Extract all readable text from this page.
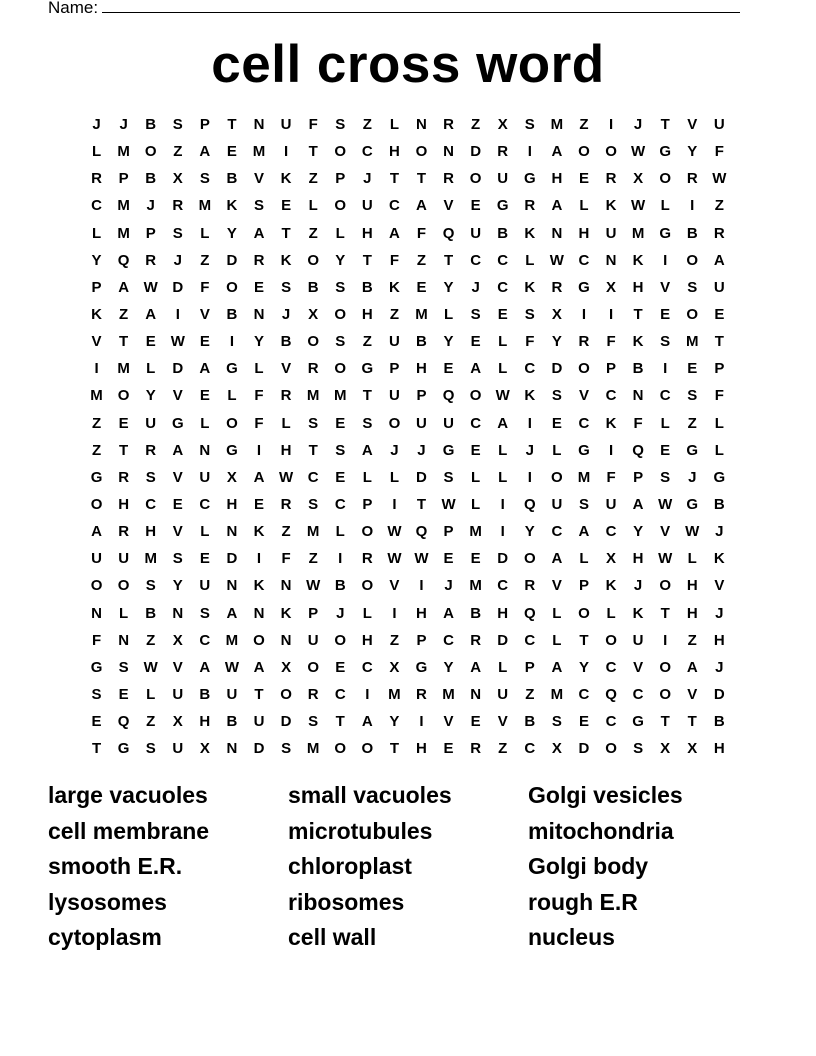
Name:
cell cross word
J	J	B	S	P	T	N	U	F	S	Z	L	N	R	Z	X	S	M	Z	I	J	T	V	U
L	M	O	Z	A	E	M	I	T	O	C	H	O	N	D	R	I	A	O	O W G	Y	F
R	P	B	X	S	B	V	K	Z	P	J	T	T	R	O	U	G	H	E	R	X	O	R W
C	M	J	R	M	K	S	E	L	O	U	C	A	V	E	G	R	A	L	K W	L	I	Z
L	M	P	S	L	Y	A	T	Z	L	H	A	F	Q	U	B	K	N	H	U	M	G	B	R
Y	Q	R	J	Z	D	R	K	O	Y	T	F	Z	T	C	C	L	W C	N	K	I	O	A
P	A W D	F	O	E	S	B	S	B	K	E	Y	J	C	K	R	G	X	H	V	S	U
K	Z	A	I	V	B	N	J	X	O	H	Z	M	L	S	E	S	X	I	I	T	E	O	E
V	T	E W E	I	Y	B	O	S	Z	U	B	Y	E	L	F	Y	R	F	K	S	M	T
I	M	L	D	A	G	L	V	R	O	G	P	H	E	A	L	C	D	O	P	B	I	E	P
M	O	Y	V	E	L	F	R	M M	T	U	P	Q	O W K	S	V	C	N	C	S	F
Z	E	U	G	L	O	F	L	S	E	S	O	U	U	C	A	I	E	C	K	F	L	Z	L
Z	T	R	A	N	G	I	H	T	S	A	J	J	G	E	L	J	L	G	I	Q	E	G	L
G	R	S	V	U	X	A W C	E	L	L	D	S	L	L	I	O M	F	P	S	J	G
O	H	C	E	C	H	E	R	S	C	P	I	T	W	L	I	Q	U	S	U	A W G	B
A	R	H	V	L	N	K	Z	M	L	O W Q	P	M	I	Y	C	A	C	Y	V W	J
U	U	M	S	E	D	I	F	Z	I	R W W E	E	D	O	A	L	X	H W	L	K
O	O	S	Y	U	N	K	N W B	O	V	I	J	M	C	R	V	P	K	J	O	H	V
N	L	B	N	S	A	N	K	P	J	L	I	H	A	B	H	Q	L	O	L	K	T	H	J
F	N	Z	X	C	M	O	N	U	O	H	Z	P	C	R	D	C	L	T	O	U	I	Z	H
G	S W V	A W A	X	O	E	C	X	G	Y	A	L	P	A	Y	C	V	O	A	J
S	E	L	U	B	U	T	O	R	C	I	M	R	M	N	U	Z	M	C	Q	C	O	V	D
E	Q	Z	X	H	B	U	D	S	T	A	Y	I	V	E	V	B	S	E	C	G	T	T	B
T	G	S	U	X	N	D	S	M	O	O	T	H	E	R	Z	C	X	D	O	S	X	X	H
large vacuoles
cell membrane
smooth E.R.
lysosomes
cytoplasm
small vacuoles
microtubules
chloroplast
ribosomes
cell wall
Golgi vesicles
mitochondria
Golgi body
rough E.R
nucleus
